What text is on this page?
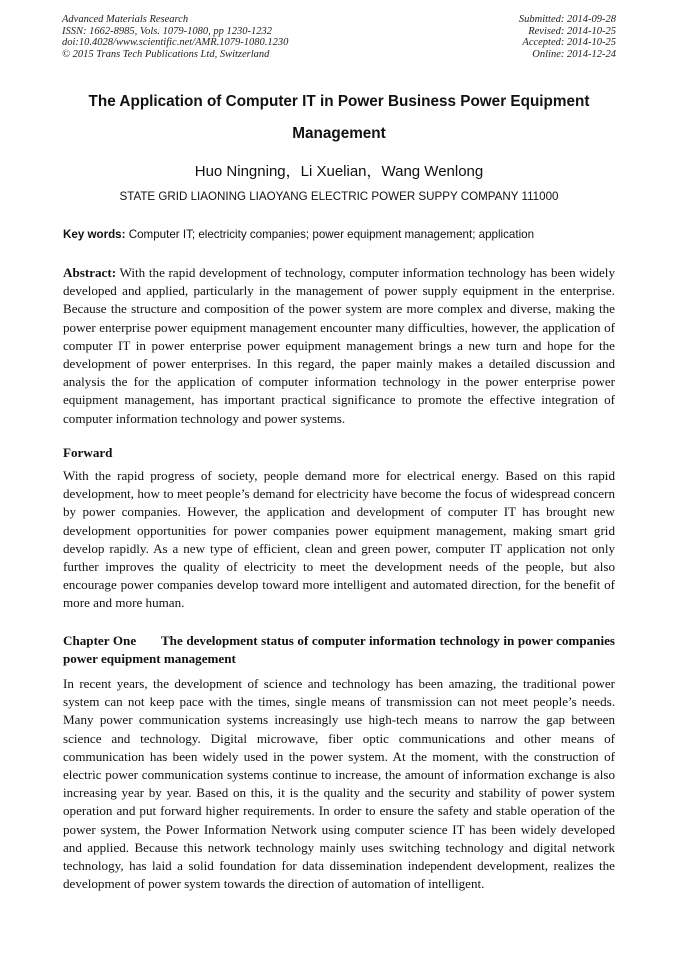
Advanced Materials Research
ISSN: 1662-8985, Vols. 1079-1080, pp 1230-1232
doi:10.4028/www.scientific.net/AMR.1079-1080.1230
© 2015 Trans Tech Publications Ltd, Switzerland
Submitted: 2014-09-28
Revised: 2014-10-25
Accepted: 2014-10-25
Online: 2014-12-24
The Application of Computer IT in Power Business Power Equipment Management
Huo Ningning，Li Xuelian，Wang Wenlong
STATE GRID LIAONING LIAOYANG ELECTRIC POWER SUPPY COMPANY 111000
Key words: Computer IT; electricity companies; power equipment management; application
Abstract: With the rapid development of technology, computer information technology has been widely developed and applied, particularly in the management of power supply equipment in the enterprise. Because the structure and composition of the power system are more complex and diverse, making the power enterprise power equipment management encounter many difficulties, however, the application of computer IT in power enterprise power equipment management brings a new turn and hope for the development of power enterprises. In this regard, the paper mainly makes a detailed discussion and analysis the for the application of computer information technology in the power enterprise power equipment management, has important practical significance to promote the effective integration of computer information technology and power systems.
Forward
With the rapid progress of society, people demand more for electrical energy. Based on this rapid development, how to meet people’s demand for electricity have become the focus of widespread concern by power companies. However, the application and development of computer IT has brought new development opportunities for power companies power equipment management, making smart grid develop rapidly. As a new type of efficient, clean and green power, computer IT application not only further improves the quality of electricity to meet the development needs of the people, but also encourage power companies develop toward more intelligent and automated direction, for the benefit of more and more human.
Chapter One The development status of computer information technology in power companies power equipment management
In recent years, the development of science and technology has been amazing, the traditional power system can not keep pace with the times, single means of transmission can not meet people’s needs. Many power communication systems increasingly use high-tech means to narrow the gap between science and technology. Digital microwave, fiber optic communications and other means of communication has been widely used in the power system. At the moment, with the construction of electric power communication systems continue to increase, the amount of information exchange is also increasing year by year. Based on this, it is the quality and the security and stability of power system operation and put forward higher requirements. In order to ensure the safety and stable operation of the power system, the Power Information Network using computer science IT has been widely developed and applied. Because this network technology mainly uses switching technology and digital network technology, has laid a solid foundation for data dissemination independent development, realizes the development of power system towards the direction of automation of intelligent.
